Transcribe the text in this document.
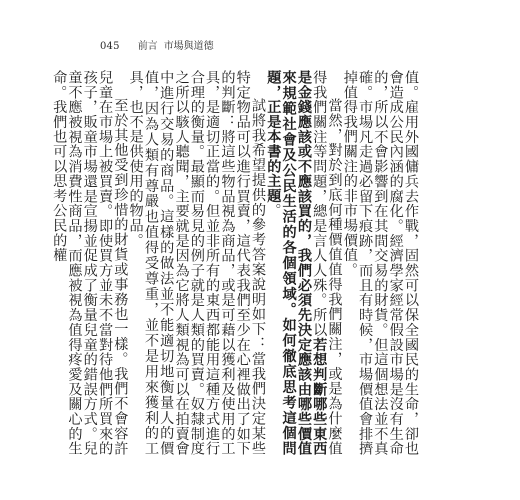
045 前言 市場與道德

值。雇用外國傭兵去作戰，固然可以保全國民的生命，卻也會造成公民內涵的腐化。經濟學家經常假設市場是沒有生命的，所以不會影響到在其間交易的財貨。但這個想法並不真確。市場凡走過必留下痕跡，而且有時候，市場價值會排擠掉值得我們關注的非市場價值。

當然，對於到底何種價值值得我們關注，或是為什麼值得我們關注等問題，總是言人人殊。所以若想判斷哪些東西是金錢應該或不應該買的，我們必須先決定應該由哪些價值來規範社會及公民生活的各個領域。如何徹底思考這個問題，正是本書的主題。

試將我希望提供的參考答案說明如下：當我們決定某些特定物品可以進行買賣，這代表我們至少在心裡做出了如下的判斷：將這些物品視為商品，或是可藉以獲利及使用的工具，是適切正當的。但並非所有的東西都能用這種方式進行合理的衡量。最顯而易見的例子就是人類的買賣。奴隸制度之所以駭人聽聞，主要就是因為它將人類視為可以在拍賣會中進行交易的商品。這樣的做法並不能適切地衡量人的價值，因為人類有尊嚴也值得受尊重，並不是用來獲利的工具，也不是供使用的物品。

至於其他受到珍惜的財貨或事務也一樣。我們不會容許兒童在市場上被買賣。即使買方並未不當對待他們所買來的孩子，販童市場還是宣揚並促成了衡量兒童的錯誤方式。兒童不應被視為消費性商品，而應被視為值得疼愛及關心的生命。我們也可以思考公民的權
